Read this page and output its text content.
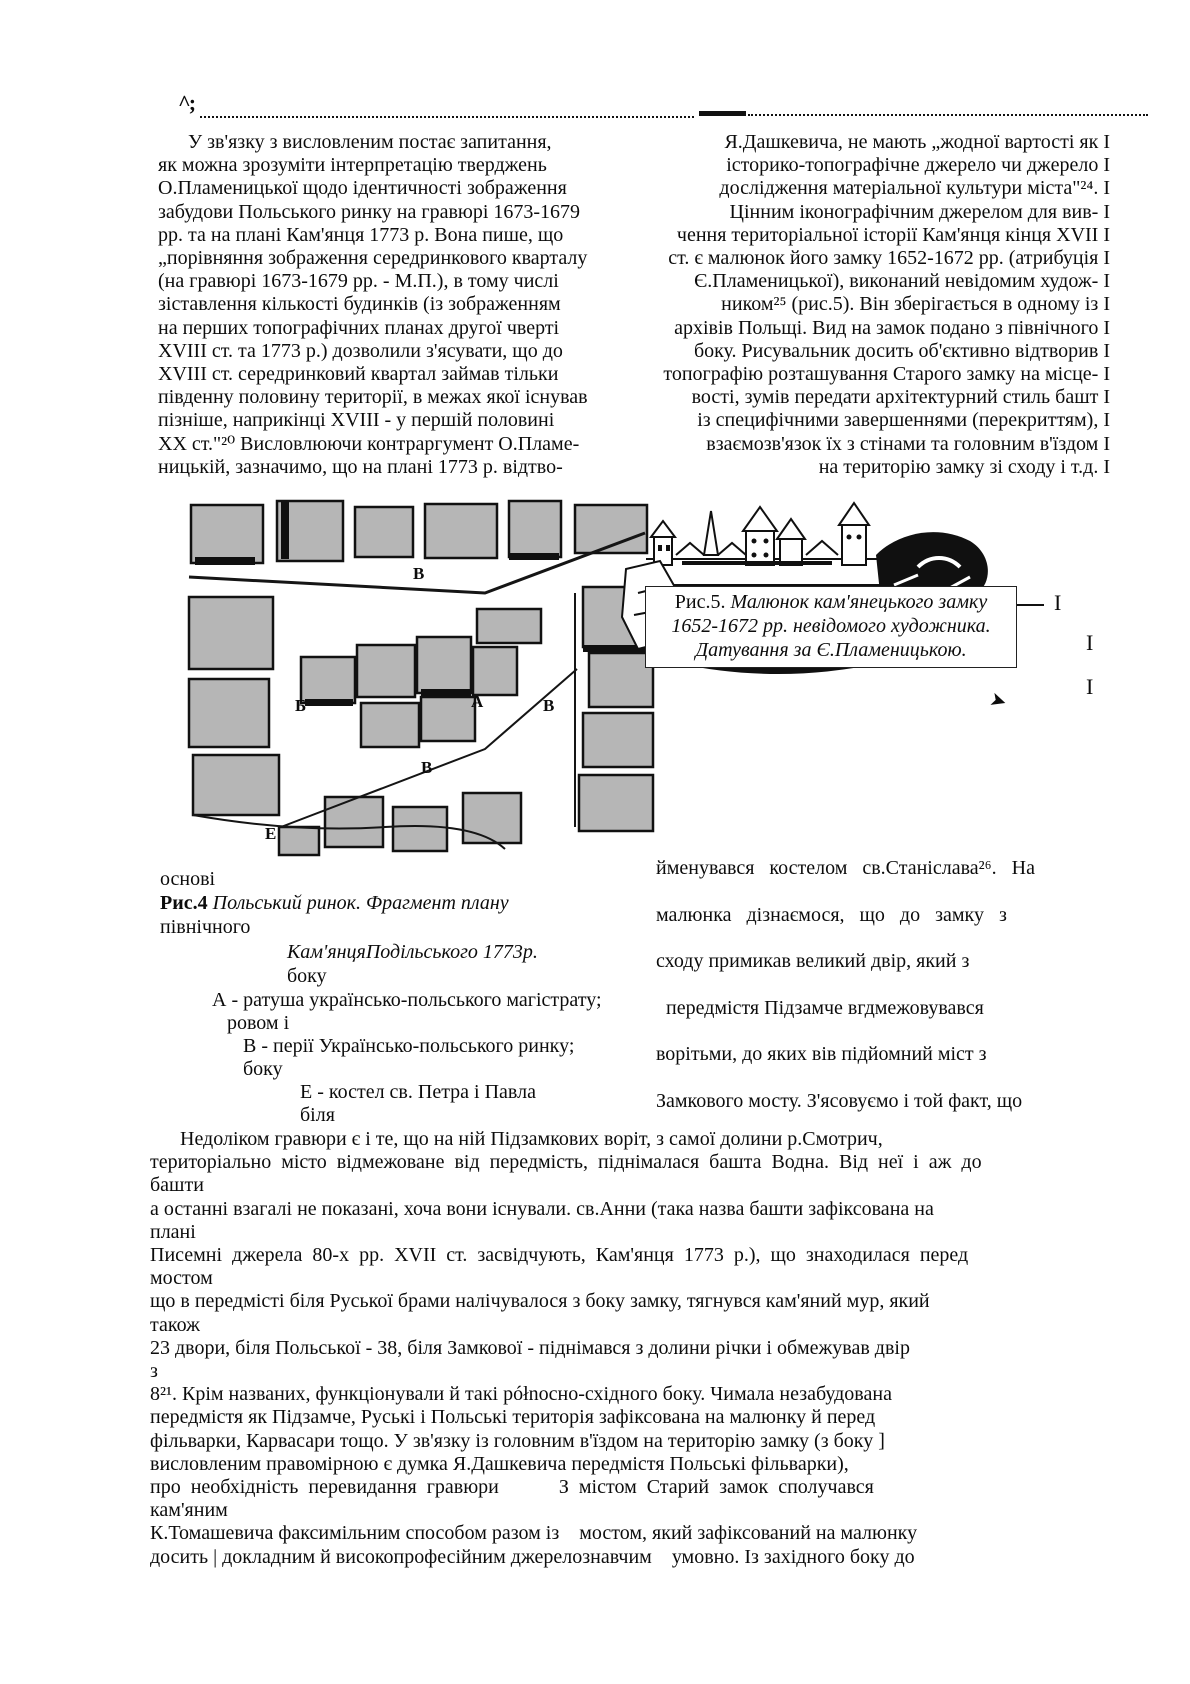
^;
У зв'язку з висловленим постає запитання,
як можна зрозуміти інтерпретацію тверджень
О.Пламеницької щодо ідентичності зображення
забудови Польського ринку на гравюрі 1673-1679
рр. та на плані Кам'янця 1773 р. Вона пише, що
„порівняння зображення середринкового кварталу
(на гравюрі 1673-1679 рр. - М.П.), в тому числі
зіставлення кількості будинків (із зображенням
на перших топографічних планах другої чверті
XVIII ст. та 1773 р.) дозволили з'ясувати, що до
XVIII ст. середринковий квартал займав тільки
південну половину території, в межах якої існував
пізніше, наприкінці XVIII - у першій половині
XX ст."²⁰ Висловлюючи контраргумент О.Пламе-
ницькій, зазначимо, що на плані 1773 р. відтво-
Я.Дашкевича, не мають „жодної вартості як І
історико-топографічне джерело чи джерело І
дослідження матеріальної культури міста"²⁴. І
Цінним іконографічним джерелом для вив- І
чення територіальної історії Кам'янця кінця XVII І
ст. є малюнок його замку 1652-1672 рр. (атрибуція І
Є.Пламеницької), виконаний невідомим худож- І
ником²⁵ (рис.5). Він зберігається в одному із І
архівів Польщі. Вид на замок подано з північного І
боку. Рисувальник досить об'єктивно відтворив І
топографію розташування Старого замку на місце- І
вості, зумів передати архітектурний стиль башт І
із специфічними завершеннями (перекриттям), І
взаємозв'язок їх з стінами та головним в'їздом І
на територію замку зі сходу і т.д. І
В
Б	А	В
В
Е
І
І
І
➤
Рис.5. Малюнок кам'янецького замку
1652-1672 рр. невідомого художника.
Датування за Є.Пламеницькою.
основі
Рис.4 Польський ринок. Фрагмент плану
північного
Кам'янцяПодільського 1773р.
боку
А - ратуша українсько-польського магістрату;
ровом і
В - перії Українсько-польського ринку;
боку
Е - костел св. Петра і Павла
біля
йменувався   костелом   св.Станіслава²⁶.   На
малюнка   дізнаємося,   що   до   замку   з
сходу примикав великий двір, який з
передмістя Підзамче вгдмежовувався
ворітьми, до яких вів підйомний міст з
Замкового мосту. З'ясовуємо і той факт, що
Недоліком гравюри є і те, що на ній Підзамкових воріт, з самої долини р.Смотрич,
територіально  місто  відмежоване  від  передмість,  піднімалася  башта  Водна.  Від  неї  і  аж  до
башти
а останні взагалі не показані, хоча вони існували. св.Анни (така назва башти зафіксована на
плані
Писемні  джерела  80-х  рр.  XVII  ст.  засвідчують,  Кам'янця  1773  р.),  що  знаходилася  перед
мостом
що в передмісті біля Руської брами налічувалося з боку замку, тягнувся кам'яний мур, який
також
23 двори, біля Польської - 38, біля Замкової - піднімався з долини річки і обмежував двір
з
8²¹. Крім названих, функціонували й такі północно-східного боку. Чимала незабудована
передмістя як Підзамче, Руські і Польські територія зафіксована на малюнку й перед
фільварки, Карвасари тощо. У зв'язку із головним в'їздом на територію замку (з боку ]
висловленим правомірною є думка Я.Дашкевича передмістя Польські фільварки),
про  необхідність  перевидання  гравюри            З  містом  Старий  замок  сполучався
кам'яним
К.Томашевича факсимільним способом разом із    мостом, який зафіксований на малюнку
досить | докладним й високопрофесійним джерелознавчим    умовно. Із західного боку до
